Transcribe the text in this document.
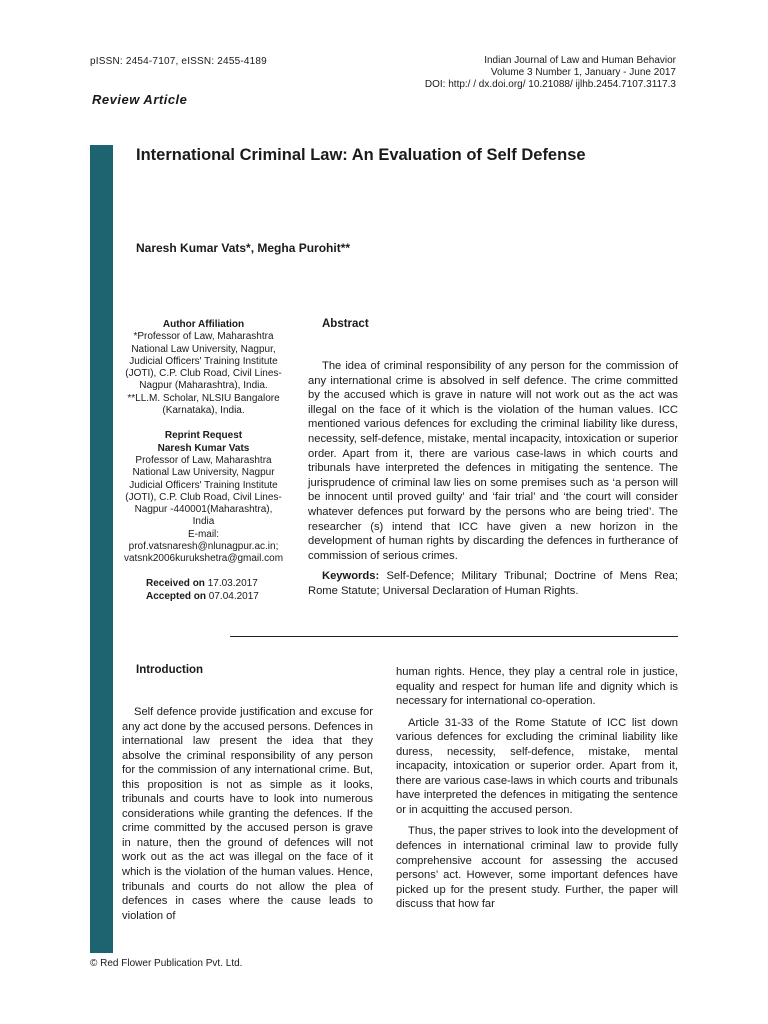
pISSN: 2454-7107, eISSN: 2455-4189	Indian Journal of Law and Human Behavior
Volume 3 Number 1, January - June 2017
DOI: http:/ / dx.doi.org/ 10.21088/ ijlhb.2454.7107.3117.3
Review Article
International Criminal Law: An Evaluation of Self Defense
Naresh Kumar Vats*, Megha Purohit**
Author Affiliation
*Professor of Law, Maharashtra
National Law University, Nagpur,
Judicial Officers' Training Institute
(JOTI), C.P. Club Road, Civil Lines-
Nagpur (Maharashtra), India.
**LL.M. Scholar, NLSIU Bangalore
(Karnataka), India.
Reprint Request
Naresh Kumar Vats
Professor of Law, Maharashtra
National Law University, Nagpur
Judicial Officers' Training Institute
(JOTI), C.P. Club Road, Civil Lines-
Nagpur -440001(Maharashtra),
India
E-mail:
prof.vatsnaresh@nlunagpur.ac.in;
vatsnk2006kurukshetra@gmail.com
Received on 17.03.2017
Accepted on 07.04.2017
Abstract

The idea of criminal responsibility of any person for the commission of any international crime is absolved in self defence. The crime committed by the accused which is grave in nature will not work out as the act was illegal on the face of it which is the violation of the human values. ICC mentioned various defences for excluding the criminal liability like duress, necessity, self-defence, mistake, mental incapacity, intoxication or superior order. Apart from it, there are various case-laws in which courts and tribunals have interpreted the defences in mitigating the sentence. The jurisprudence of criminal law lies on some premises such as ‘a person will be innocent until proved guilty’ and ‘fair trial’ and ‘the court will consider whatever defences put forward by the persons who are being tried’. The researcher (s) intend that ICC have given a new horizon in the development of human rights by discarding the defences in furtherance of commission of serious crimes.

Keywords: Self-Defence; Military Tribunal; Doctrine of Mens Rea; Rome Statute; Universal Declaration of Human Rights.

Introduction

Self defence provide justification and excuse for any act done by the accused persons. Defences in international law present the idea that they absolve the criminal responsibility of any person for the commission of any international crime. But, this proposition is not as simple as it looks, tribunals and courts have to look into numerous considerations while granting the defences. If the crime committed by the accused person is grave in nature, then the ground of defences will not work out as the act was illegal on the face of it which is the violation of the human values. Hence, tribunals and courts do not allow the plea of defences in cases where the cause leads to violation of

human rights. Hence, they play a central role in justice, equality and respect for human life and dignity which is necessary for international co-operation.

Article 31-33 of the Rome Statute of ICC list down various defences for excluding the criminal liability like duress, necessity, self-defence, mistake, mental incapacity, intoxication or superior order. Apart from it, there are various case-laws in which courts and tribunals have interpreted the defences in mitigating the sentence or in acquitting the accused person.

Thus, the paper strives to look into the development of defences in international criminal law to provide fully comprehensive account for assessing the accused persons’ act. However, some important defences have picked up for the present study. Further, the paper will discuss that how far

© Red Flower Publication Pvt. Ltd.
